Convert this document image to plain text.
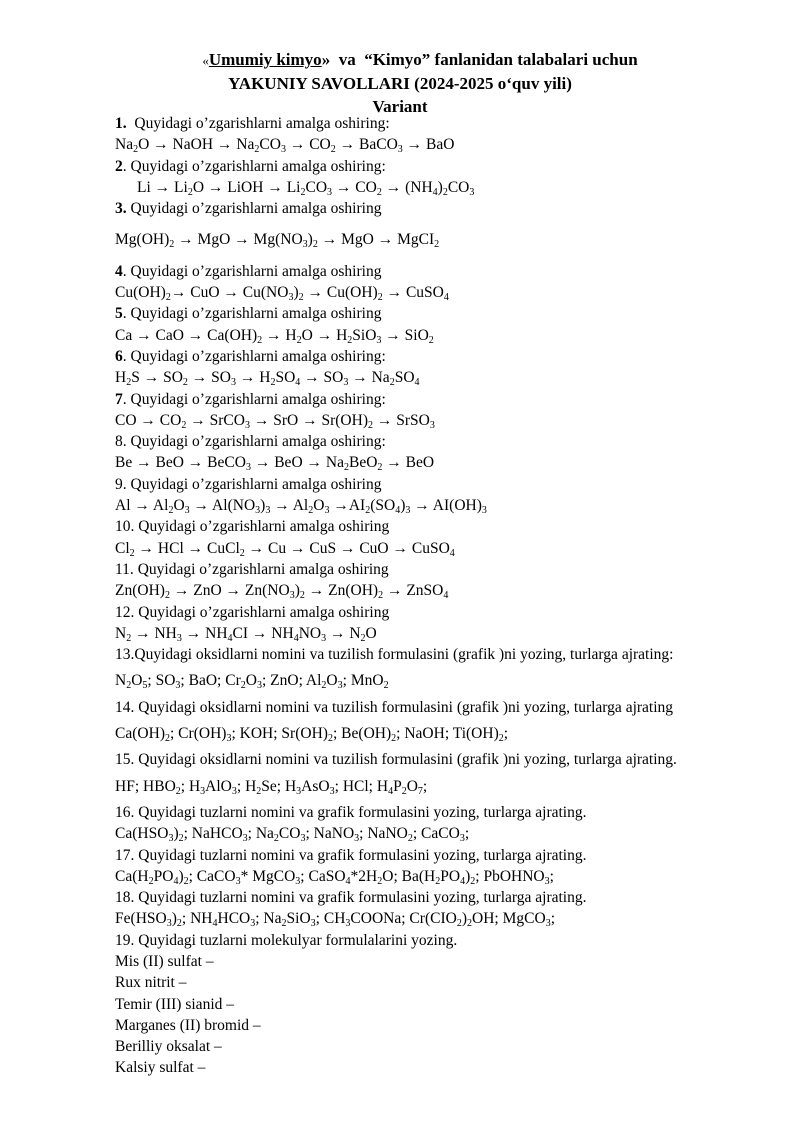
«Umumiy kimyo» va “Kimyo” fanlanidan talabalari uchun
YAKUNIY SAVOLLARI (2024-2025 o‘quv yili)
Variant
1. Quyidagi o’zgarishlarni amalga oshiring:
$Na_2O$ → NaOH → $Na_2CO_3 \to CO_2$ → BaCO$_3$ → BaO
2. Quyidagi o’zgarishlarni amalga oshiring:
$Li \to Li_2O$ → LiOH → $Li_2CO_3 \to CO_2 \to (NH_4)_2CO_3$
3. Quyidagi o’zgarishlarni amalga oshiring
$Mg(OH)_2$ → MgO → $Mg(NO_3)_2$ → MgO → MgCI$_2$
4. Quyidagi o’zgarishlarni amalga oshiring
$Cu(OH)_2\to$ CuO → $Cu(NO_3)_2 \to Cu(OH)_2$ → CuSO$_4$
5. Quyidagi o’zgarishlarni amalga oshiring
Ca → CaO → $Ca(OH)_2 \to H_2O \to H_2SiO_3 \to SiO_2$
6. Quyidagi o’zgarishlarni amalga oshiring:
$H_2S \to SO_2 \to SO_3 \to H_2SO_4 \to SO_3 \to Na_2SO_4$
7. Quyidagi o’zgarishlarni amalga oshiring:
CO → $CO_2$ → SrCO$_3$ → SrO → $Sr(OH)_2$ → SrSO$_3$
8. Quyidagi o’zgarishlarni amalga oshiring:
Be → BeO → BeCO$_3$ → BeO → $Na_2BeO_2$ → BeO
9. Quyidagi o’zgarishlarni amalga oshiring
$Al \to Al_2O_3 \to Al(NO_3)_3 \to Al_2O_3 \to AI_2(SO_4)_3 \to AI(OH)_3$
10. Quyidagi o’zgarishlarni amalga oshiring
$Cl_2$ → HCl → CuCl$_2$ → Cu → CuS → CuO → CuSO$_4$
11. Quyidagi o’zgarishlarni amalga oshiring
$Zn(OH)_2$ → ZnO → $Zn(NO_3)_2 \to Zn(OH)_2$ → ZnSO$_4$
12. Quyidagi o’zgarishlarni amalga oshiring
$N_2 \to NH_3 \to NH_4CI \to NH_4NO_3 \to N_2O$
13.Quyidagi oksidlarni nomini va tuzilish formulasini (grafik )ni yozing, turlarga ajrating:
$N_2O_5$; $SO_3$; BaO; $Cr_2O_3$; ZnO; $Al_2O_3$; MnO$_2$
14. Quyidagi oksidlarni nomini va tuzilish formulasini (grafik )ni yozing, turlarga ajrating
$Ca(OH)_2$; $Cr(OH)_3$; KOH; $Sr(OH)_2$; $Be(OH)_2$; NaOH; $Ti(OH)_2$;
15. Quyidagi oksidlarni nomini va tuzilish formulasini (grafik )ni yozing, turlarga ajrating.
HF; $HBO_2$; $H_3AlO_3$; $H_2Se$; $H_3AsO_3$; HCl; $H_4P_2O_7$;
16. Quyidagi tuzlarni nomini va grafik formulasini yozing, turlarga ajrating.
$Ca(HSO_3)_2$; NaHCO$_3$; $Na_2CO_3$; NaNO$_3$; NaNO$_2$; CaCO$_3$;
17. Quyidagi tuzlarni nomini va grafik formulasini yozing, turlarga ajrating.
$Ca(H_2PO_4)_2$; CaCO$_3$* MgCO$_3$; $CaSO_4*2H_2O$; $Ba(H_2PO_4)_2$; PbOHNO$_3$;
18. Quyidagi tuzlarni nomini va grafik formulasini yozing, turlarga ajrating.
$Fe(HSO_3)_2$; $NH_4HCO_3$; $Na_2SiO_3$; $CH_3COONa$; $Cr(CIO_2)_2OH$; MgCO$_3$;
19. Quyidagi tuzlarni molekulyar formulalarini yozing.
Mis (II) sulfat –
Rux nitrit –
Temir (III) sianid –
Marganes (II) bromid –
Berilliy oksalat –
Kalsiy sulfat –
